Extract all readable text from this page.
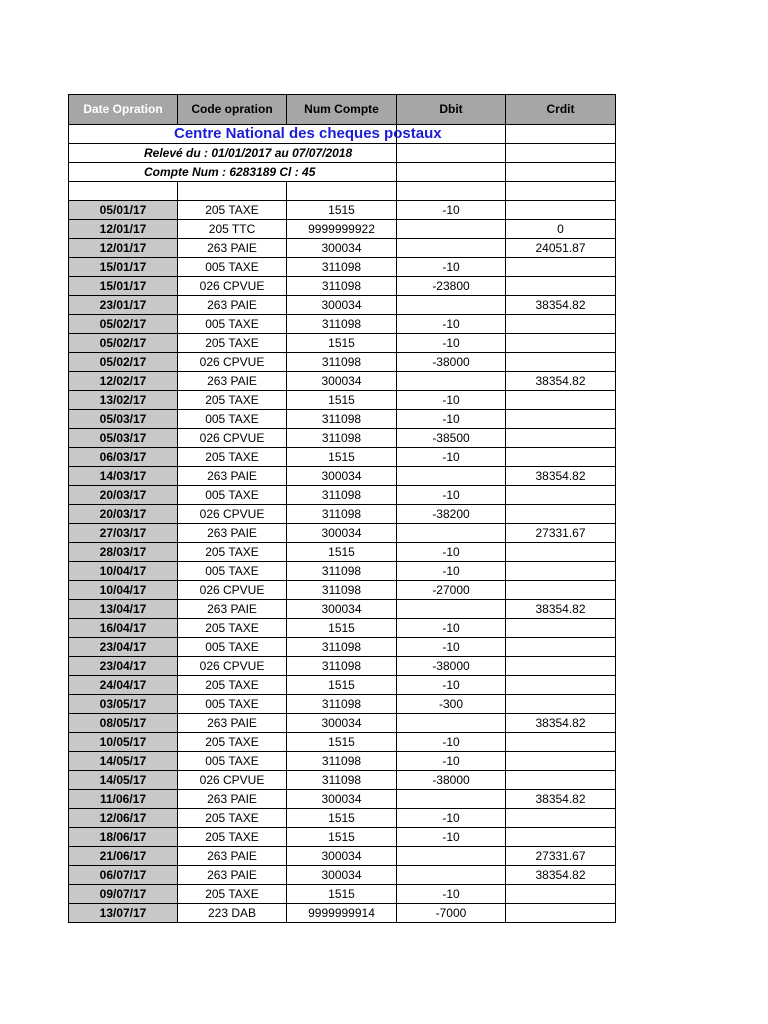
Centre National des cheques postaux				

Relevé du : 01/01/2017 au 07/07/2018				

Compte Num : 6283189 Cl : 45				

Date Opration	Code opration	Num Compte	Dbit	Crdit
05/01/17	205 TAXE	1515	-10	
12/01/17	205 TTC	9999999922		0
12/01/17	263 PAIE	300034		24051.87
15/01/17	005 TAXE	311098	-10	
15/01/17	026 CPVUE	311098	-23800	
23/01/17	263 PAIE	300034		38354.82
05/02/17	005 TAXE	311098	-10	
05/02/17	205 TAXE	1515	-10	
05/02/17	026 CPVUE	311098	-38000	
12/02/17	263 PAIE	300034		38354.82
13/02/17	205 TAXE	1515	-10	
05/03/17	005 TAXE	311098	-10	
05/03/17	026 CPVUE	311098	-38500	
06/03/17	205 TAXE	1515	-10	
14/03/17	263 PAIE	300034		38354.82
20/03/17	005 TAXE	311098	-10	
20/03/17	026 CPVUE	311098	-38200	
27/03/17	263 PAIE	300034		27331.67
28/03/17	205 TAXE	1515	-10	
10/04/17	005 TAXE	311098	-10	
10/04/17	026 CPVUE	311098	-27000	
13/04/17	263 PAIE	300034		38354.82
16/04/17	205 TAXE	1515	-10	
23/04/17	005 TAXE	311098	-10	
23/04/17	026 CPVUE	311098	-38000	
24/04/17	205 TAXE	1515	-10	
03/05/17	005 TAXE	311098	-300	
08/05/17	263 PAIE	300034		38354.82
10/05/17	205 TAXE	1515	-10	
14/05/17	005 TAXE	311098	-10	
14/05/17	026 CPVUE	311098	-38000	
11/06/17	263 PAIE	300034		38354.82
12/06/17	205 TAXE	1515	-10	
18/06/17	205 TAXE	1515	-10	
21/06/17	263 PAIE	300034		27331.67
06/07/17	263 PAIE	300034		38354.82
09/07/17	205 TAXE	1515	-10	
13/07/17	223 DAB	9999999914	-7000	
